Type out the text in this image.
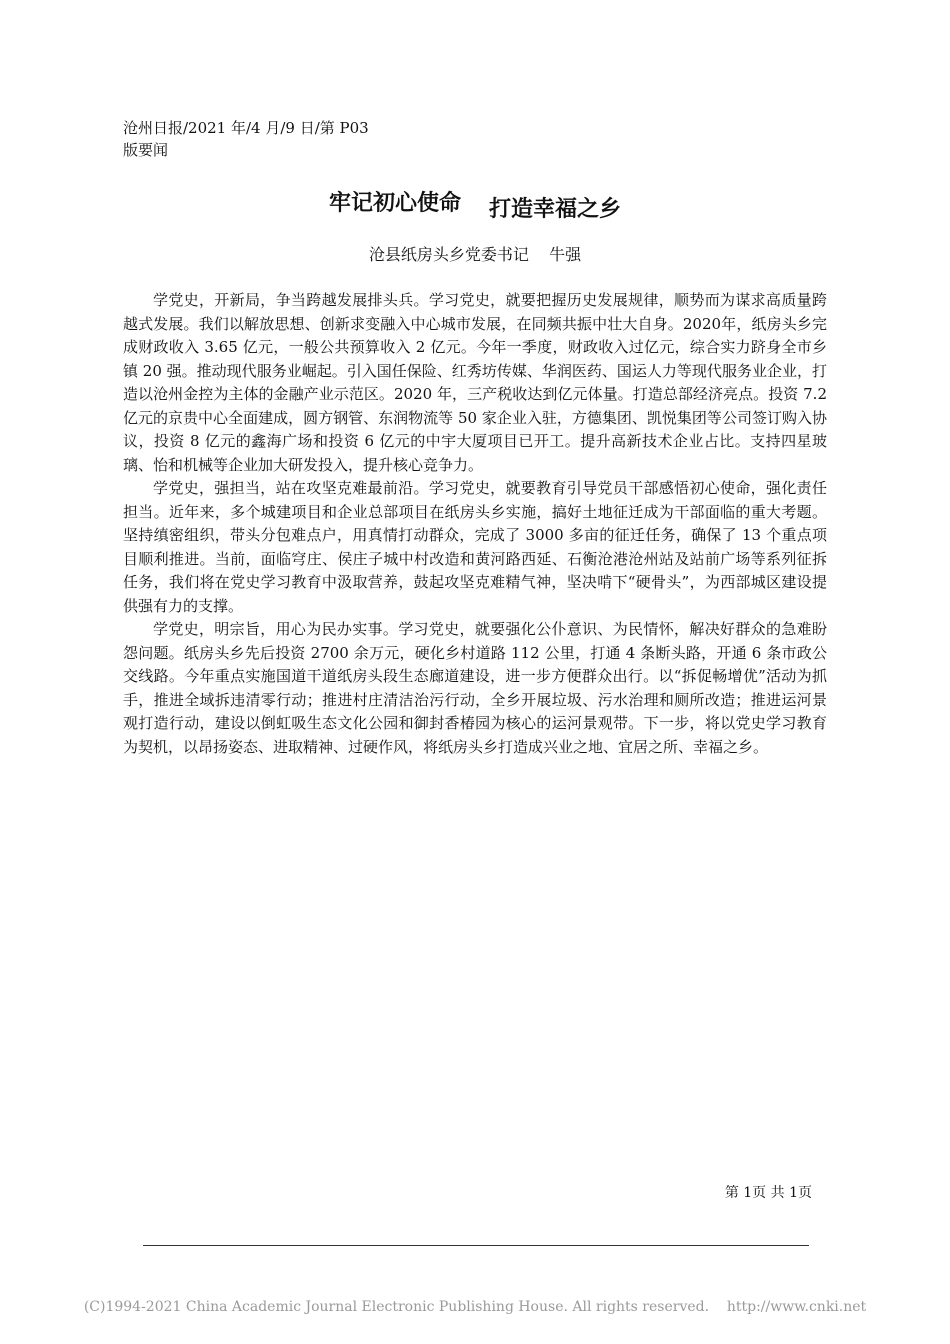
沧州日报/2021 年/4 月/9 日/第 P03
版要闻
牢记初心使命 打造幸福之乡
沧县纸房头乡党委书记    牛强

学党史，开新局，争当跨越发展排头兵。学习党史，就要把握历史发展规律，顺势而为谋求高质量跨越式发展。我们以解放思想、创新求变融入中心城市发展，在同频共振中壮大自身。2020年，纸房头乡完成财政收入 3.65 亿元，一般公共预算收入 2 亿元。今年一季度，财政收入过亿元，综合实力跻身全市乡镇 20 强。推动现代服务业崛起。引入国任保险、红秀坊传媒、华润医药、国运人力等现代服务业企业，打造以沧州金控为主体的金融产业示范区。2020 年，三产税收达到亿元体量。打造总部经济亮点。投资 7.2 亿元的京贵中心全面建成，圆方钢管、东润物流等 50 家企业入驻，方德集团、凯悦集团等公司签订购入协议，投资 8 亿元的鑫海广场和投资 6 亿元的中宇大厦项目已开工。提升高新技术企业占比。支持四星玻璃、怡和机械等企业加大研发投入，提升核心竞争力。

学党史，强担当，站在攻坚克难最前沿。学习党史，就要教育引导党员干部感悟初心使命，强化责任担当。近年来，多个城建项目和企业总部项目在纸房头乡实施，搞好土地征迁成为干部面临的重大考题。坚持缜密组织，带头分包难点户，用真情打动群众，完成了 3000 多亩的征迁任务，确保了 13 个重点项目顺利推进。当前，面临穹庄、侯庄子城中村改造和黄河路西延、石衡沧港沧州站及站前广场等系列征拆任务，我们将在党史学习教育中汲取营养，鼓起攻坚克难精气神，坚决啃下“硬骨头”，为西部城区建设提供强有力的支撑。

学党史，明宗旨，用心为民办实事。学习党史，就要强化公仆意识、为民情怀，解决好群众的急难盼怨问题。纸房头乡先后投资 2700 余万元，硬化乡村道路 112 公里，打通 4 条断头路，开通 6 条市政公交线路。今年重点实施国道干道纸房头段生态廊道建设，进一步方便群众出行。以“拆促畅增优”活动为抓手，推进全域拆违清零行动；推进村庄清洁治污行动，全乡开展垃圾、污水治理和厕所改造；推进运河景观打造行动，建设以倒虹吸生态文化公园和御封香椿园为核心的运河景观带。下一步，将以党史学习教育为契机，以昂扬姿态、进取精神、过硬作风，将纸房头乡打造成兴业之地、宜居之所、幸福之乡。

第 1页 共 1页
(C)1994-2021 China Academic Journal Electronic Publishing House. All rights reserved.    http://www.cnki.net
